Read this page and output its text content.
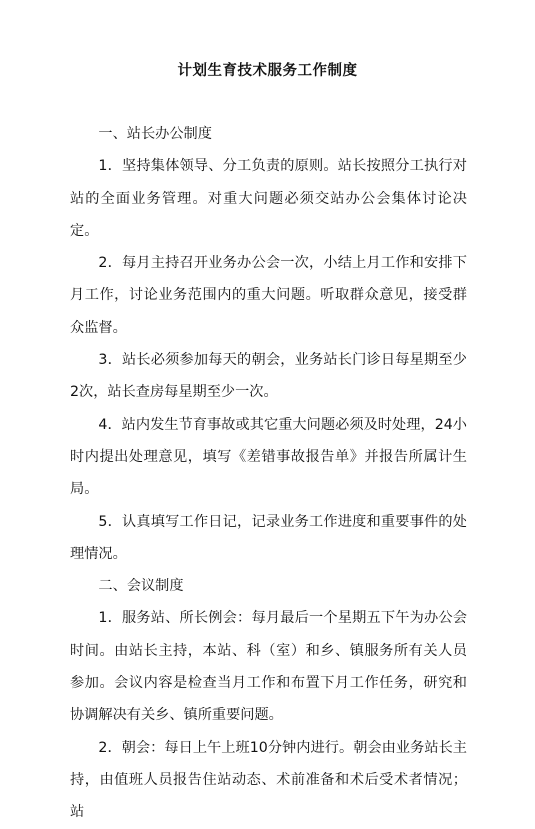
计划生育技术服务工作制度

一、站长办公制度

1．坚持集体领导、分工负责的原则。站长按照分工执行对站的全面业务管理。对重大问题必须交站办公会集体讨论决定。

2．每月主持召开业务办公会一次，小结上月工作和安排下月工作，讨论业务范围内的重大问题。听取群众意见，接受群众监督。

3．站长必须参加每天的朝会，业务站长门诊日每星期至少2次，站长查房每星期至少一次。

4．站内发生节育事故或其它重大问题必须及时处理，24小时内提出处理意见，填写《差错事故报告单》并报告所属计生局。

5．认真填写工作日记，记录业务工作进度和重要事件的处理情况。

二、会议制度

1．服务站、所长例会：每月最后一个星期五下午为办公会时间。由站长主持，本站、科（室）和乡、镇服务所有关人员参加。会议内容是检查当月工作和布置下月工作任务，研究和协调解决有关乡、镇所重要问题。

2．朝会：每日上午上班10分钟内进行。朝会由业务站长主持，由值班人员报告住站动态、术前准备和术后受术者情况；站
